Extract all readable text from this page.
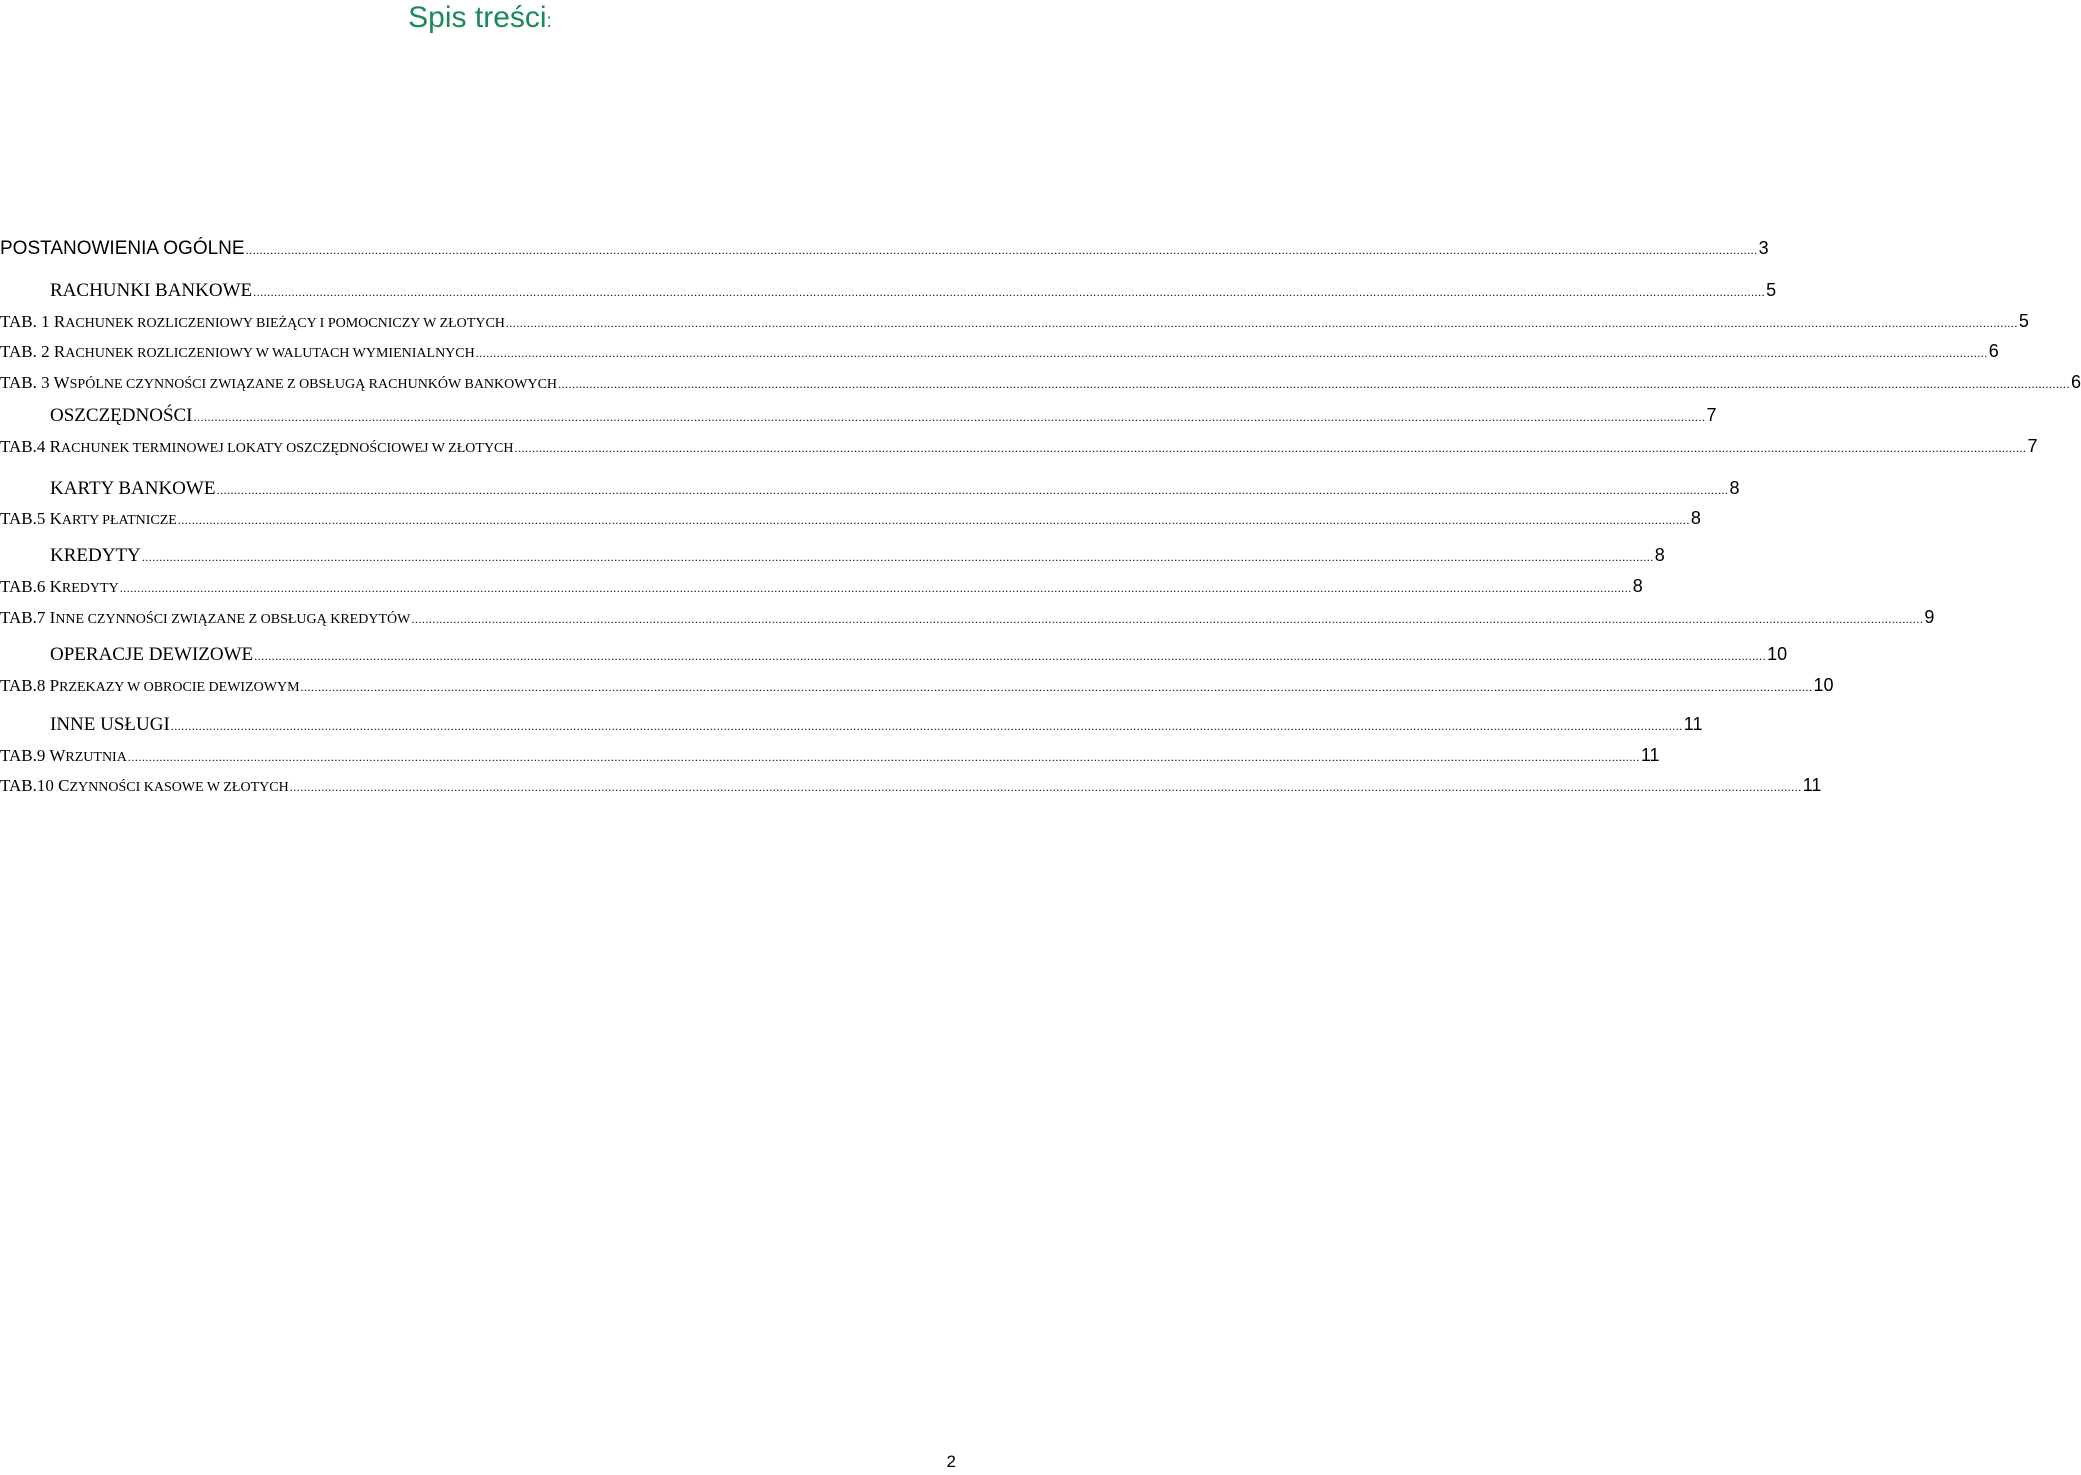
Spis treści:
POSTANOWIENIA OGÓLNE ................................................................................................................................................................................................................................................................................................................................................................................................................................................ 3
RACHUNKI BANKOWE ................................................................................................................................................................................................................................................................................................................................................................................................................................................ 5
TAB. 1 RACHUNEK ROZLICZENIOWY BIEŻĄCY I POMOCNICZY W ZŁOTYCH ................................................................................................................................................................................................................................................................................................................................................................................................................................................ 5
TAB. 2 RACHUNEK ROZLICZENIOWY W WALUTACH WYMIENIALNYCH ................................................................................................................................................................................................................................................................................................................................................................................................................................................ 6
TAB. 3 WSPÓLNE CZYNNOŚCI ZWIĄZANE Z OBSŁUGĄ RACHUNKÓW BANKOWYCH ................................................................................................................................................................................................................................................................................................................................................................................................................................................ 6
OSZCZĘDNOŚCI ................................................................................................................................................................................................................................................................................................................................................................................................................................................ 7
TAB.4 RACHUNEK TERMINOWEJ LOKATY OSZCZĘDNOŚCIOWEJ W ZŁOTYCH ................................................................................................................................................................................................................................................................................................................................................................................................................................................ 7
KARTY BANKOWE ................................................................................................................................................................................................................................................................................................................................................................................................................................................ 8
TAB.5 KARTY PŁATNICZE ................................................................................................................................................................................................................................................................................................................................................................................................................................................ 8
KREDYTY ................................................................................................................................................................................................................................................................................................................................................................................................................................................ 8
TAB.6 KREDYTY ................................................................................................................................................................................................................................................................................................................................................................................................................................................ 8
TAB.7 INNE CZYNNOŚCI ZWIĄZANE Z OBSŁUGĄ KREDYTÓW ................................................................................................................................................................................................................................................................................................................................................................................................................................................ 9
OPERACJE DEWIZOWE ................................................................................................................................................................................................................................................................................................................................................................................................................................................ 10
TAB.8 PRZEKAZY W OBROCIE DEWIZOWYM ................................................................................................................................................................................................................................................................................................................................................................................................................................................ 10
INNE USŁUGI ................................................................................................................................................................................................................................................................................................................................................................................................................................................ 11
TAB.9 WRZUTNIA ................................................................................................................................................................................................................................................................................................................................................................................................................................................ 11
TAB.10 CZYNNOŚCI KASOWE W ZŁOTYCH ................................................................................................................................................................................................................................................................................................................................................................................................................................................ 11
2
